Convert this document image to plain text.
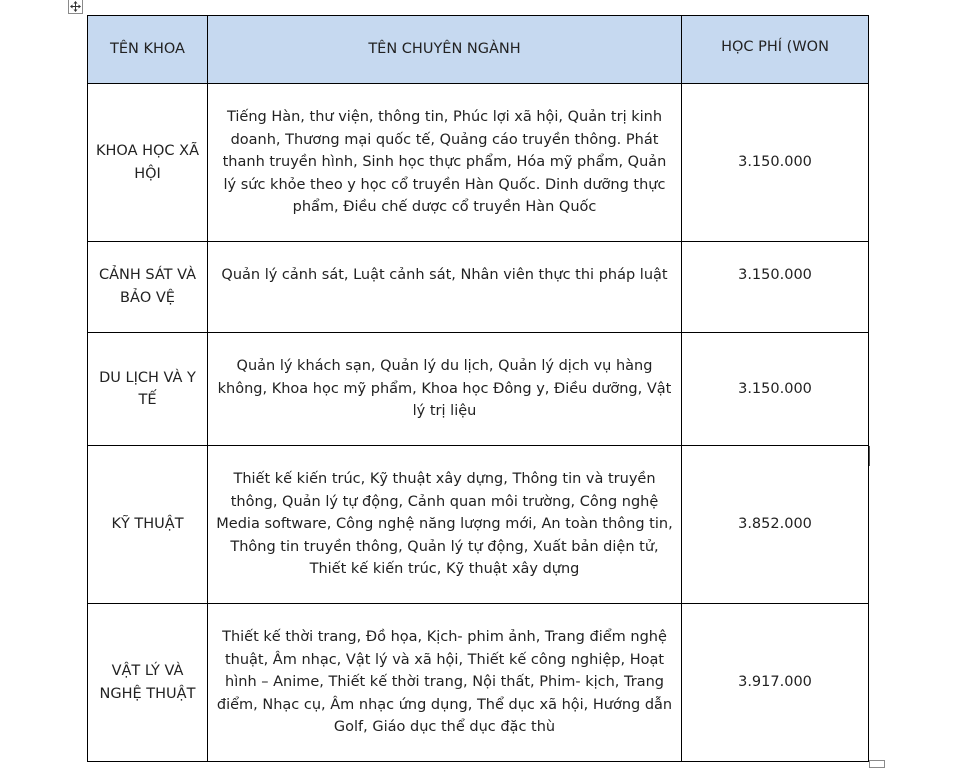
TÊN KHOA	TÊN CHUYÊN NGÀNH	HỌC PHÍ (WON
KHOA HỌC XÃ HỘI	Tiếng Hàn, thư viện, thông tin, Phúc lợi xã hội, Quản trị kinh doanh, Thương mại quốc tế, Quảng cáo truyền thông. Phát thanh truyền hình, Sinh học thực phẩm, Hóa mỹ phẩm, Quản lý sức khỏe theo y học cổ truyền Hàn Quốc. Dinh dưỡng thực phẩm, Điều chế dược cổ truyền Hàn Quốc	3.150.000
CẢNH SÁT VÀ BẢO VỆ	Quản lý cảnh sát, Luật cảnh sát, Nhân viên thực thi pháp luật	3.150.000
DU LỊCH VÀ Y TẾ	Quản lý khách sạn, Quản lý du lịch, Quản lý dịch vụ hàng không, Khoa học mỹ phẩm, Khoa học Đông y, Điều dưỡng, Vật lý trị liệu	3.150.000
KỸ THUẬT	Thiết kế kiến trúc, Kỹ thuật xây dựng, Thông tin và truyền thông, Quản lý tự động, Cảnh quan môi trường, Công nghệ Media software, Công nghệ năng lượng mới, An toàn thông tin, Thông tin truyền thông, Quản lý tự động, Xuất bản diện tử, Thiết kế kiến trúc, Kỹ thuật xây dựng	3.852.000
VẬT LÝ VÀ NGHỆ THUẬT	Thiết kế thời trang, Đồ họa, Kịch- phim ảnh, Trang điểm nghệ thuật, Âm nhạc, Vật lý và xã hội, Thiết kế công nghiệp, Hoạt hình – Anime, Thiết kế thời trang, Nội thất, Phim- kịch, Trang điểm, Nhạc cụ, Âm nhạc ứng dụng, Thể dục xã hội, Hướng dẫn Golf, Giáo dục thể dục đặc thù	3.917.000
